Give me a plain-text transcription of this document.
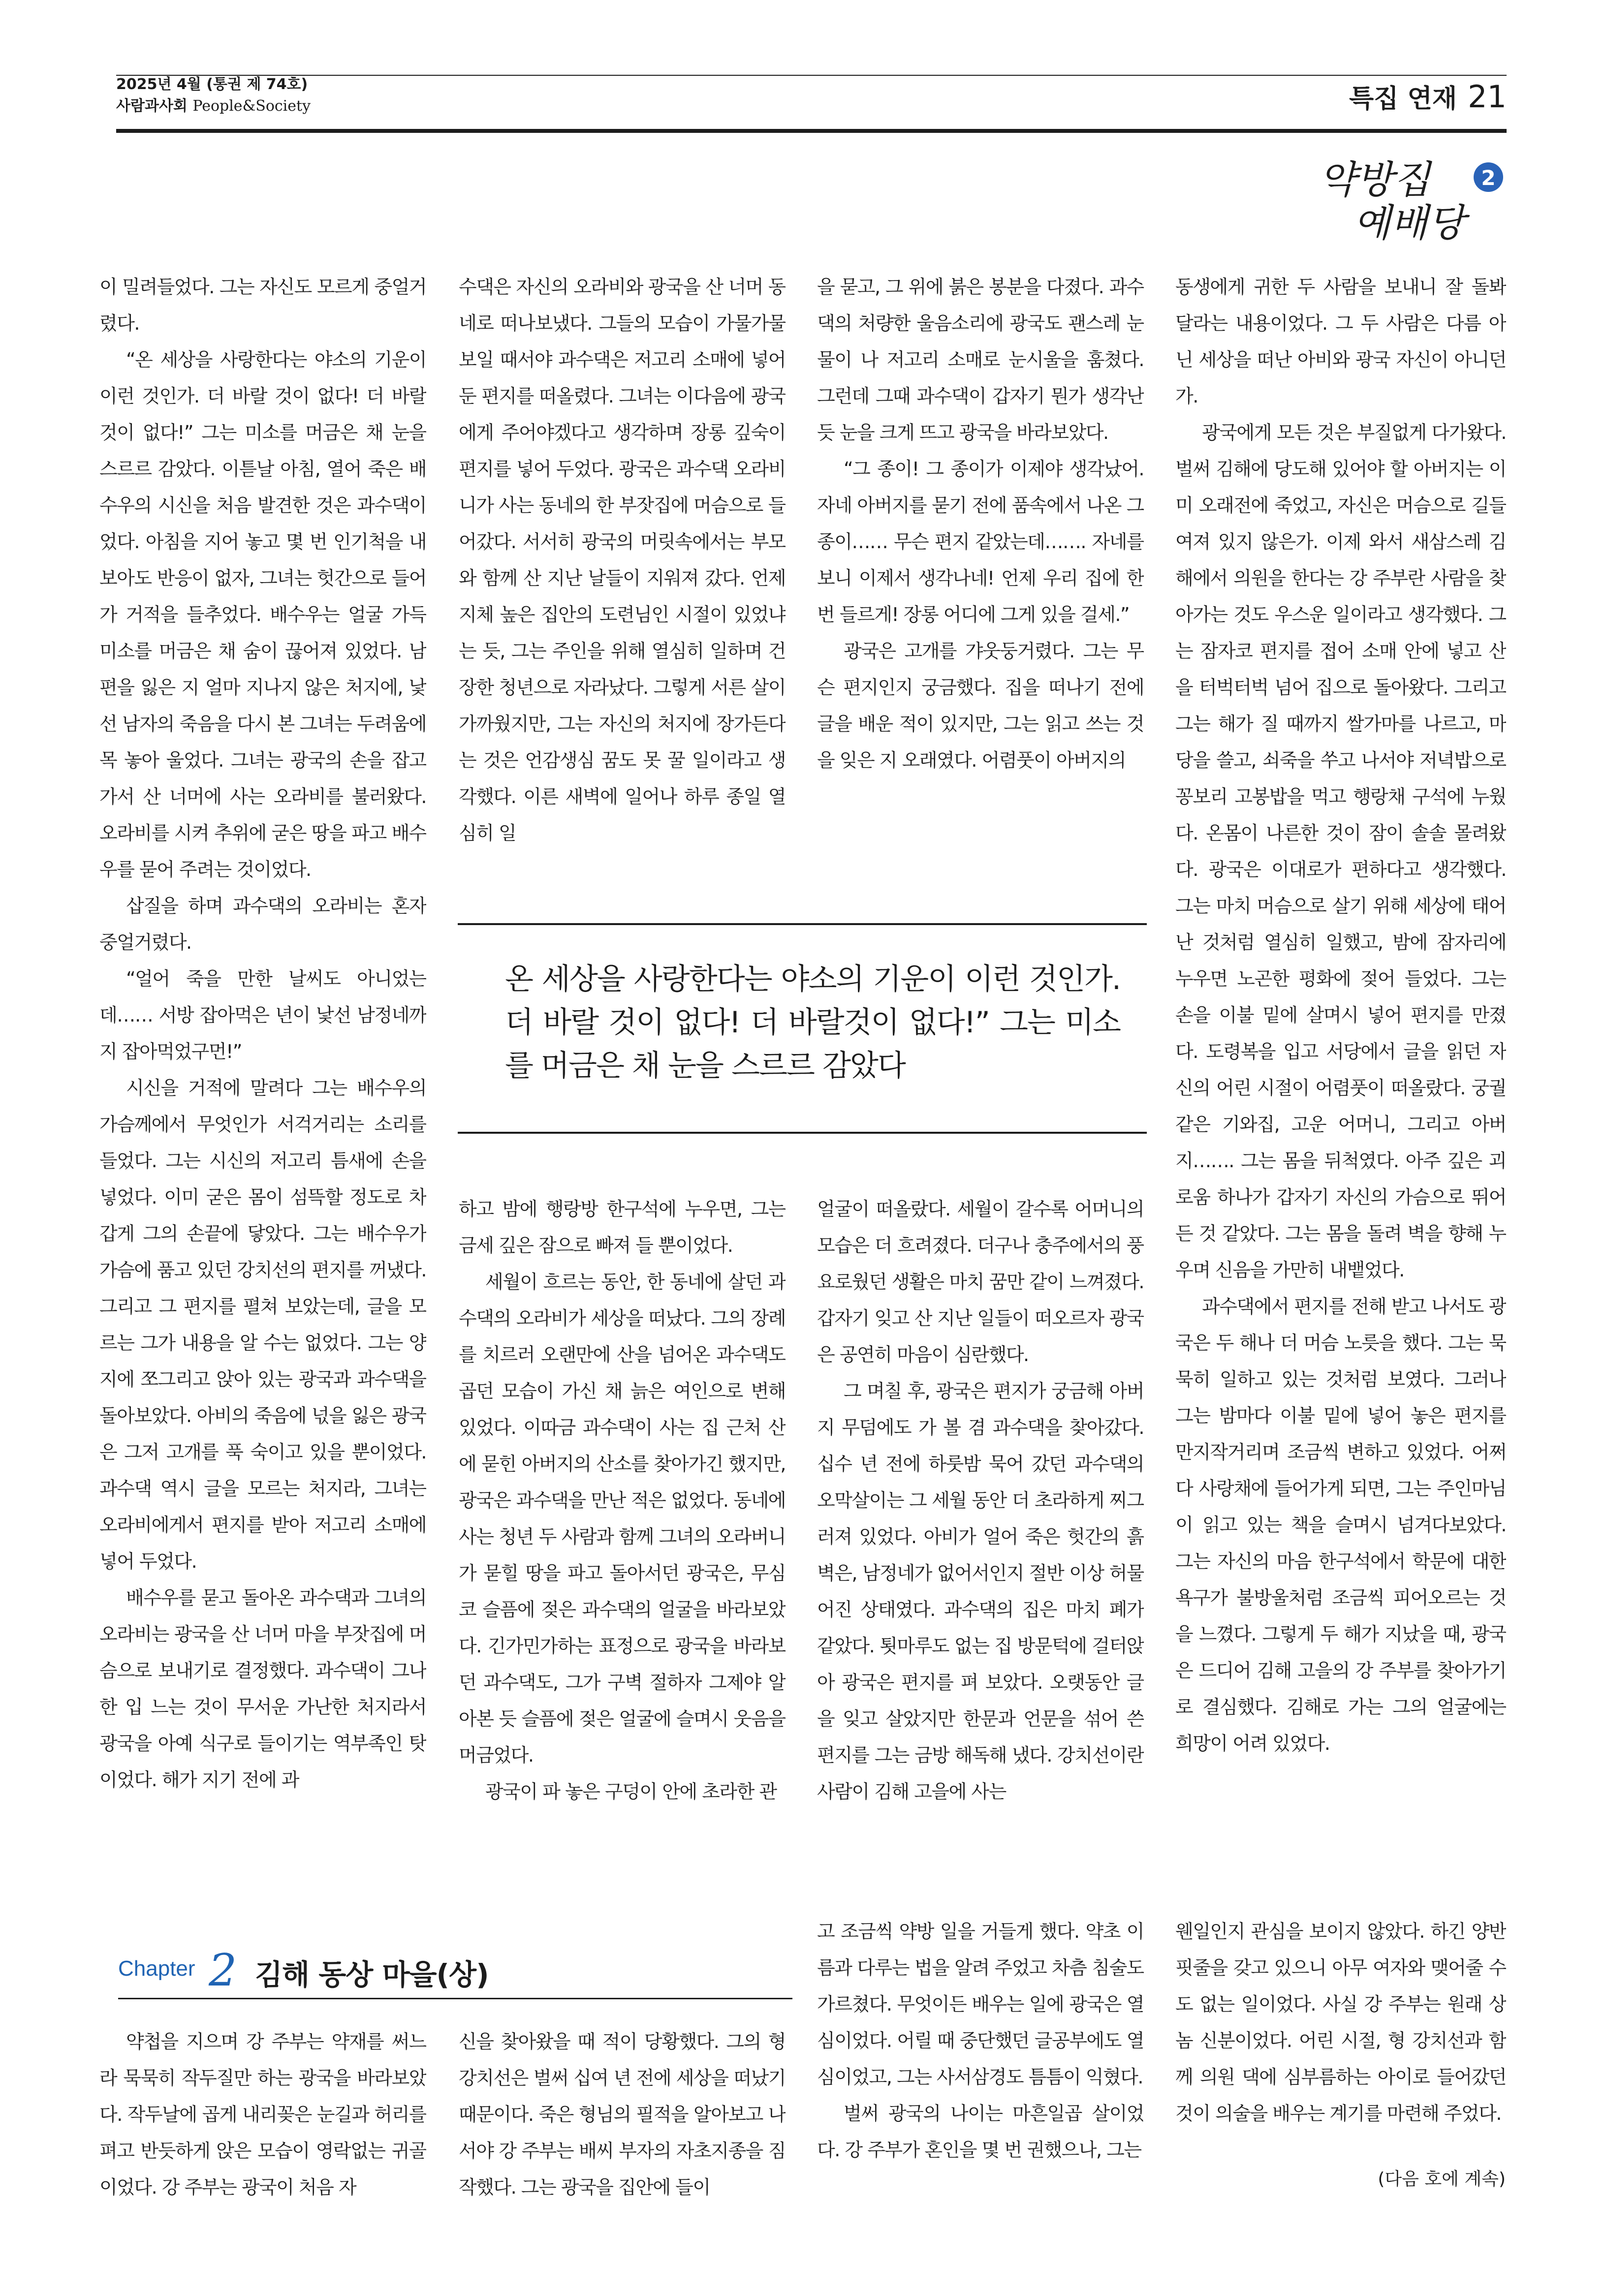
2025년 4월 (통권 제 74호)
사람과사회 People&Society	특집 연재 21
약방집
예배당
2

이 밀려들었다. 그는 자신도 모르게 중얼거렸다.

“온 세상을 사랑한다는 야소의 기운이 이런 것인가. 더 바랄 것이 없다! 더 바랄 것이 없다!” 그는 미소를 머금은 채 눈을 스르르 감았다. 이튿날 아침, 열어 죽은 배수우의 시신을 처음 발견한 것은 과수댁이었다. 아침을 지어 놓고 몇 번 인기척을 내보아도 반응이 없자, 그녀는 헛간으로 들어가 거적을 들추었다. 배수우는 얼굴 가득 미소를 머금은 채 숨이 끊어져 있었다. 남편을 잃은 지 얼마 지나지 않은 처지에, 낯선 남자의 죽음을 다시 본 그녀는 두려움에 목 놓아 울었다. 그녀는 광국의 손을 잡고 가서 산 너머에 사는 오라비를 불러왔다. 오라비를 시켜 추위에 굳은 땅을 파고 배수우를 묻어 주려는 것이었다.

삽질을 하며 과수댁의 오라비는 혼자 중얼거렸다.

“얼어 죽을 만한 날씨도 아니었는데…… 서방 잡아먹은 년이 낯선 남정네까지 잡아먹었구먼!”

시신을 거적에 말려다 그는 배수우의 가슴께에서 무엇인가 서걱거리는 소리를 들었다. 그는 시신의 저고리 틈새에 손을 넣었다. 이미 굳은 몸이 섬뜩할 정도로 차갑게 그의 손끝에 닿았다. 그는 배수우가 가슴에 품고 있던 강치선의 편지를 꺼냈다. 그리고 그 편지를 펼쳐 보았는데, 글을 모르는 그가 내용을 알 수는 없었다. 그는 양지에 쪼그리고 앉아 있는 광국과 과수댁을 돌아보았다. 아비의 죽음에 넋을 잃은 광국은 그저 고개를 푹 숙이고 있을 뿐이었다. 과수댁 역시 글을 모르는 처지라, 그녀는 오라비에게서 편지를 받아 저고리 소매에 넣어 두었다.

배수우를 묻고 돌아온 과수댁과 그녀의 오라비는 광국을 산 너머 마을 부잣집에 머슴으로 보내기로 결정했다. 과수댁이 그나 한 입 느는 것이 무서운 가난한 처지라서 광국을 아예 식구로 들이기는 역부족인 탓이었다. 해가 지기 전에 과

수댁은 자신의 오라비와 광국을 산 너머 동네로 떠나보냈다. 그들의 모습이 가물가물 보일 때서야 과수댁은 저고리 소매에 넣어 둔 편지를 떠올렸다. 그녀는 이다음에 광국에게 주어야겠다고 생각하며 장롱 깊숙이 편지를 넣어 두었다. 광국은 과수댁 오라비니가 사는 동네의 한 부잣집에 머슴으로 들어갔다. 서서히 광국의 머릿속에서는 부모와 함께 산 지난 날들이 지워져 갔다. 언제 지체 높은 집안의 도련님인 시절이 있었냐는 듯, 그는 주인을 위해 열심히 일하며 건장한 청년으로 자라났다. 그렇게 서른 살이 가까웠지만, 그는 자신의 처지에 장가든다는 것은 언감생심 꿈도 못 꿀 일이라고 생각했다. 이른 새벽에 일어나 하루 종일 열심히 일

을 묻고, 그 위에 붉은 봉분을 다졌다. 과수댁의 처량한 울음소리에 광국도 괜스레 눈물이 나 저고리 소매로 눈시울을 훔쳤다. 그런데 그때 과수댁이 갑자기 뭔가 생각난 듯 눈을 크게 뜨고 광국을 바라보았다.

“그 종이! 그 종이가 이제야 생각났어. 자네 아버지를 묻기 전에 품속에서 나온 그 종이…… 무슨 편지 같았는데……. 자네를 보니 이제서 생각나네! 언제 우리 집에 한번 들르게! 장롱 어디에 그게 있을 걸세.”

광국은 고개를 갸웃둥거렸다. 그는 무슨 편지인지 궁금했다. 집을 떠나기 전에 글을 배운 적이 있지만, 그는 읽고 쓰는 것을 잊은 지 오래였다. 어렴풋이 아버지의

온 세상을 사랑한다는 야소의 기운이 이런 것인가. 더 바랄 것이 없다! 더 바랄것이 없다!” 그는 미소를 머금은 채 눈을 스르르 감았다

하고 밤에 행랑방 한구석에 누우면, 그는 금세 깊은 잠으로 빠져 들 뿐이었다.

세월이 흐르는 동안, 한 동네에 살던 과수댁의 오라비가 세상을 떠났다. 그의 장례를 치르러 오랜만에 산을 넘어온 과수댁도 곱던 모습이 가신 채 늙은 여인으로 변해 있었다. 이따금 과수댁이 사는 집 근처 산에 묻힌 아버지의 산소를 찾아가긴 했지만, 광국은 과수댁을 만난 적은 없었다. 동네에 사는 청년 두 사람과 함께 그녀의 오라버니가 묻힐 땅을 파고 돌아서던 광국은, 무심코 슬픔에 젖은 과수댁의 얼굴을 바라보았다. 긴가민가하는 표정으로 광국을 바라보던 과수댁도, 그가 구벽 절하자 그제야 알아본 듯 슬픔에 젖은 얼굴에 슬며시 웃음을 머금었다.

광국이 파 놓은 구덩이 안에 초라한 관

얼굴이 떠올랐다. 세월이 갈수록 어머니의 모습은 더 흐려졌다. 더구나 충주에서의 풍요로웠던 생활은 마치 꿈만 같이 느껴졌다. 갑자기 잊고 산 지난 일들이 떠오르자 광국은 공연히 마음이 심란했다.

그 며칠 후, 광국은 편지가 궁금해 아버지 무덤에도 가 볼 겸 과수댁을 찾아갔다. 십수 년 전에 하룻밤 묵어 갔던 과수댁의 오막살이는 그 세월 동안 더 초라하게 찌그러져 있었다. 아비가 얼어 죽은 헛간의 흙벽은, 남정네가 없어서인지 절반 이상 허물어진 상태였다. 과수댁의 집은 마치 폐가 같았다. 툇마루도 없는 집 방문턱에 걸터앉아 광국은 편지를 펴 보았다. 오랫동안 글을 잊고 살았지만 한문과 언문을 섞어 쓴 편지를 그는 금방 해독해 냈다. 강치선이란 사람이 김해 고을에 사는

동생에게 귀한 두 사람을 보내니 잘 돌봐 달라는 내용이었다. 그 두 사람은 다름 아닌 세상을 떠난 아비와 광국 자신이 아니던가.

광국에게 모든 것은 부질없게 다가왔다. 벌써 김해에 당도해 있어야 할 아버지는 이미 오래전에 죽었고, 자신은 머슴으로 길들여져 있지 않은가. 이제 와서 새삼스레 김해에서 의원을 한다는 강 주부란 사람을 찾아가는 것도 우스운 일이라고 생각했다. 그는 잠자코 편지를 접어 소매 안에 넣고 산을 터벅터벅 넘어 집으로 돌아왔다. 그리고 그는 해가 질 때까지 쌀가마를 나르고, 마당을 쓸고, 쇠죽을 쑤고 나서야 저녁밥으로 꽁보리 고봉밥을 먹고 행랑채 구석에 누웠다. 온몸이 나른한 것이 잠이 솔솔 몰려왔다. 광국은 이대로가 편하다고 생각했다. 그는 마치 머슴으로 살기 위해 세상에 태어난 것처럼 열심히 일했고, 밤에 잠자리에 누우면 노곤한 평화에 젖어 들었다. 그는 손을 이불 밑에 살며시 넣어 편지를 만졌다. 도령복을 입고 서당에서 글을 읽던 자신의 어린 시절이 어렴풋이 떠올랐다. 궁궐 같은 기와집, 고운 어머니, 그리고 아버지……. 그는 몸을 뒤척였다. 아주 깊은 괴로움 하나가 갑자기 자신의 가슴으로 뛰어든 것 같았다. 그는 몸을 돌려 벽을 향해 누우며 신음을 가만히 내뱉었다.

과수댁에서 편지를 전해 받고 나서도 광국은 두 해나 더 머슴 노릇을 했다. 그는 묵묵히 일하고 있는 것처럼 보였다. 그러나 그는 밤마다 이불 밑에 넣어 놓은 편지를 만지작거리며 조금씩 변하고 있었다. 어쩌다 사랑채에 들어가게 되면, 그는 주인마님이 읽고 있는 책을 슬며시 넘겨다보았다. 그는 자신의 마음 한구석에서 학문에 대한 욕구가 불방울처럼 조금씩 피어오르는 것을 느꼈다. 그렇게 두 해가 지났을 때, 광국은 드디어 김해 고을의 강 주부를 찾아가기로 결심했다. 김해로 가는 그의 얼굴에는 희망이 어려 있었다.

Chapter 2 김해 동상 마을(상)

약첩을 지으며 강 주부는 약재를 써느라 묵묵히 작두질만 하는 광국을 바라보았다. 작두날에 곱게 내리꽂은 눈길과 허리를 펴고 반듯하게 앉은 모습이 영락없는 귀골이었다. 강 주부는 광국이 처음 자

신을 찾아왔을 때 적이 당황했다. 그의 형 강치선은 벌써 십여 년 전에 세상을 떠났기 때문이다. 죽은 형님의 필적을 알아보고 나서야 강 주부는 배씨 부자의 자초지종을 짐작했다. 그는 광국을 집안에 들이

고 조금씩 약방 일을 거들게 했다. 약초 이름과 다루는 법을 알려 주었고 차츰 침술도 가르쳤다. 무엇이든 배우는 일에 광국은 열심이었다. 어릴 때 중단했던 글공부에도 열심이었고, 그는 사서삼경도 틈틈이 익혔다.

벌써 광국의 나이는 마흔일곱 살이었다. 강 주부가 혼인을 몇 번 권했으나, 그는

웬일인지 관심을 보이지 않았다. 하긴 양반 핏줄을 갖고 있으니 아무 여자와 맺어줄 수도 없는 일이었다. 사실 강 주부는 원래 상놈 신분이었다. 어린 시절, 형 강치선과 함께 의원 댁에 심부름하는 아이로 들어갔던 것이 의술을 배우는 계기를 마련해 주었다.

(다음 호에 계속)
